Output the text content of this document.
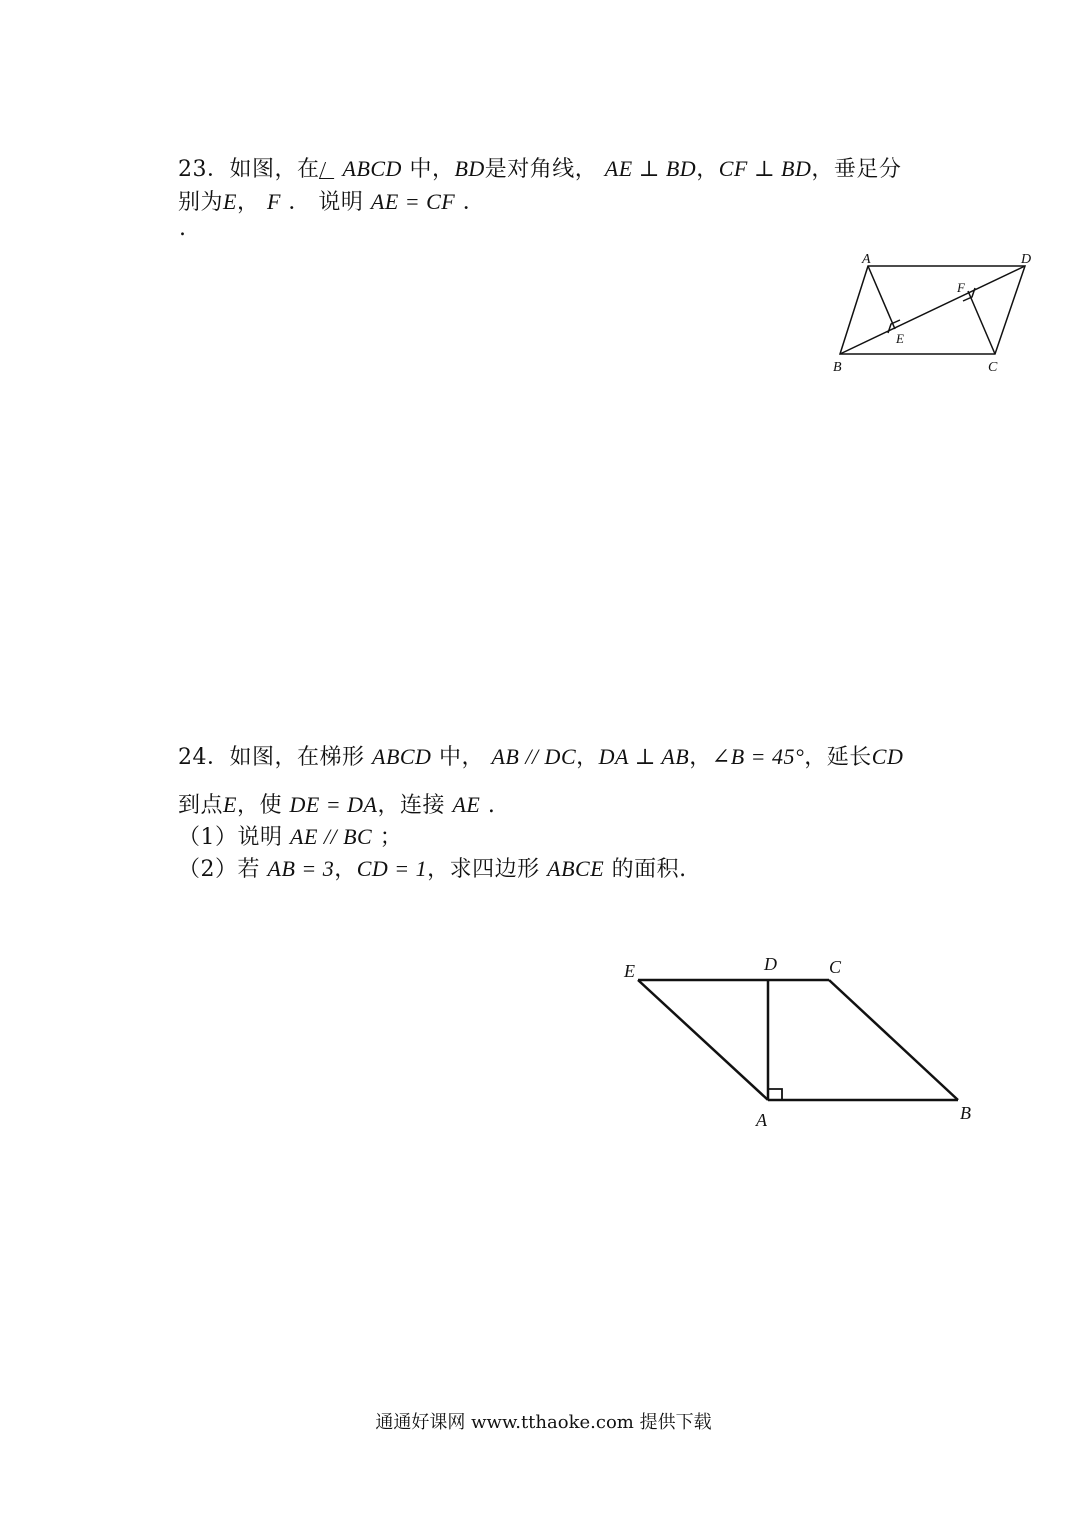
23．如图，在 ABCD 中，BD是对角线， AE ⊥ BD，CF ⊥ BD，垂足分
别为E， F ． 说明 AE = CF ．
.
A	D
B	C
E
F
24．如图，在梯形 ABCD 中， AB // DC，DA ⊥ AB，∠B = 45°，延长CD
到点E，使 DE = DA，连接 AE .
（1）说明 AE // BC ；
（2）若 AB = 3，CD = 1，求四边形 ABCE 的面积.
E	D	C
A	B
通通好课网 www.tthaoke.com 提供下载
